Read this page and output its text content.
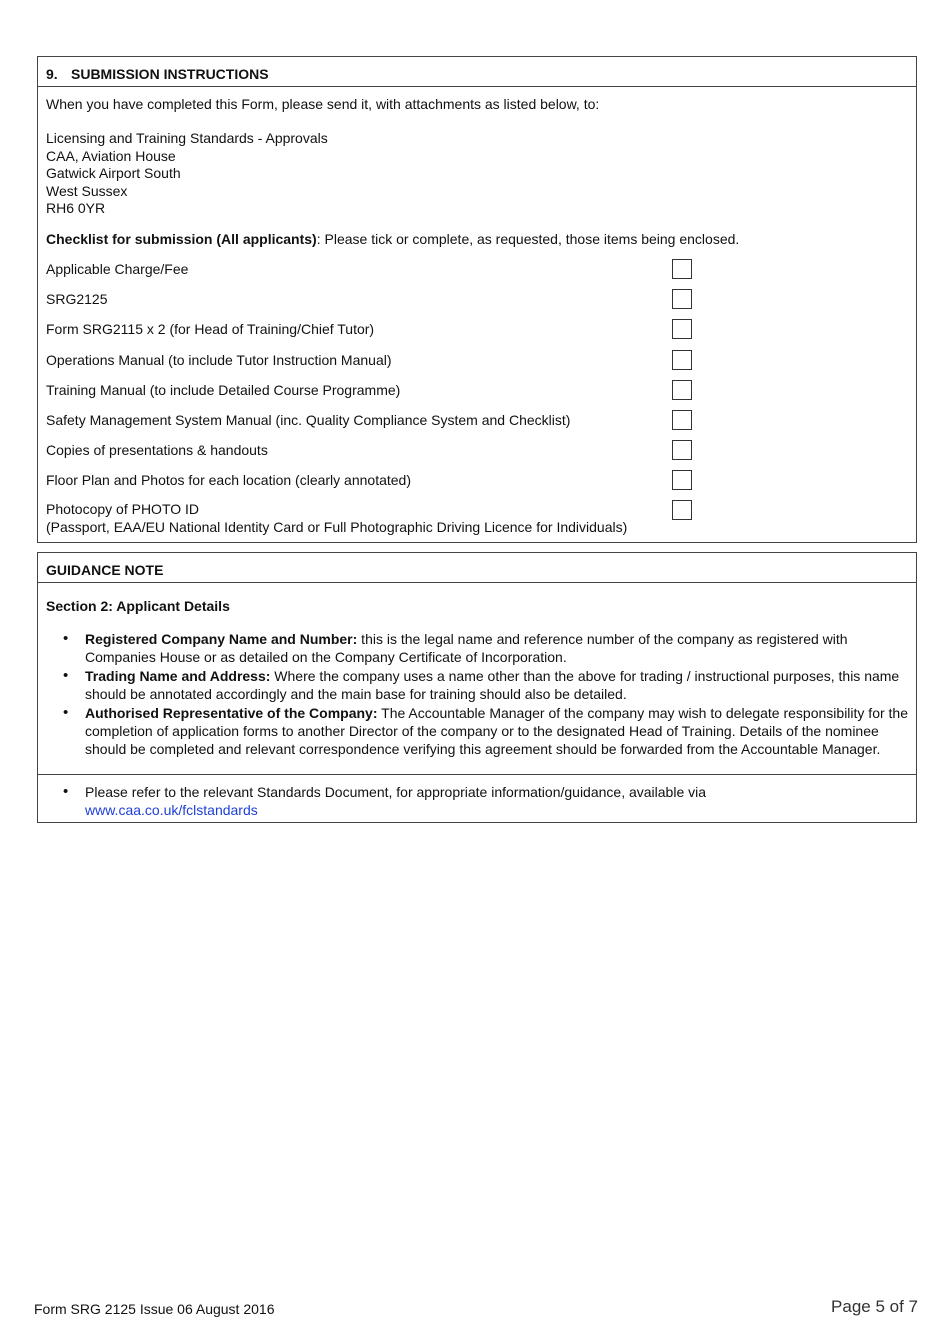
9. SUBMISSION INSTRUCTIONS
When you have completed this Form, please send it, with attachments as listed below, to:
Licensing and Training Standards - Approvals
CAA, Aviation House
Gatwick Airport South
West Sussex
RH6 0YR
Checklist for submission (All applicants): Please tick or complete, as requested, those items being enclosed.
Applicable Charge/Fee
SRG2125
Form SRG2115 x 2 (for Head of Training/Chief Tutor)
Operations Manual (to include Tutor Instruction Manual)
Training Manual (to include Detailed Course Programme)
Safety Management System Manual (inc. Quality Compliance System and Checklist)
Copies of presentations & handouts
Floor Plan and Photos for each location (clearly annotated)
Photocopy of PHOTO ID
(Passport, EAA/EU National Identity Card or Full Photographic Driving Licence for Individuals)
GUIDANCE NOTE
Section 2: Applicant Details
• Registered Company Name and Number: this is the legal name and reference number of the company as registered with Companies House or as detailed on the Company Certificate of Incorporation.
• Trading Name and Address: Where the company uses a name other than the above for trading / instructional purposes, this name should be annotated accordingly and the main base for training should also be detailed.
• Authorised Representative of the Company: The Accountable Manager of the company may wish to delegate responsibility for the completion of application forms to another Director of the company or to the designated Head of Training. Details of the nominee should be completed and relevant correspondence verifying this agreement should be forwarded from the Accountable Manager.
• Please refer to the relevant Standards Document, for appropriate information/guidance, available via
www.caa.co.uk/fclstandards
Form SRG 2125 Issue 06 August 2016	Page 5 of 7
